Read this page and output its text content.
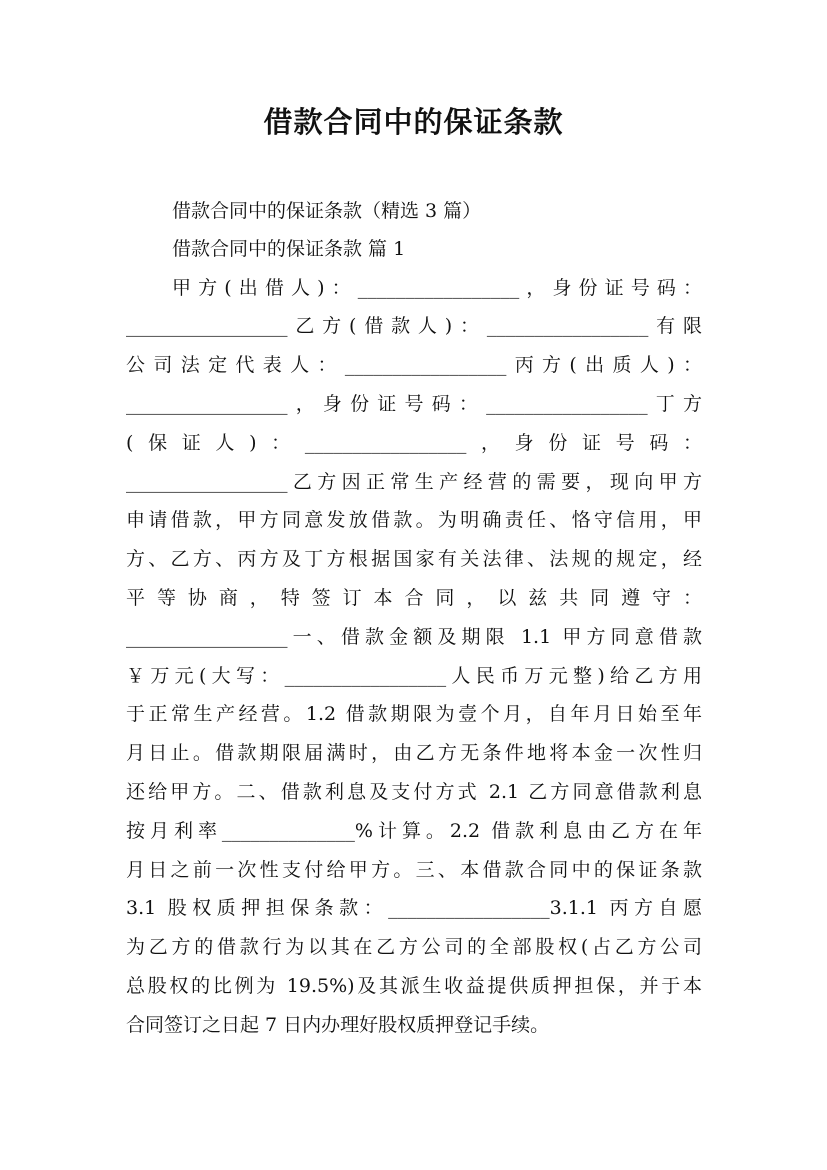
借款合同中的保证条款
借款合同中的保证条款（精选 3 篇）
借款合同中的保证条款 篇 1
甲方(出借人)：_________________，身份证号码：
_________________乙方(借款人)：_________________有限
公司法定代表人：_________________丙方(出质人)：
_________________，身份证号码：_________________丁方
(保证人)：_________________，身份证号码：
_________________乙方因正常生产经营的需要，现向甲方
申请借款，甲方同意发放借款。为明确责任、恪守信用，甲
方、乙方、丙方及丁方根据国家有关法律、法规的规定，经
平等协商，特签订本合同，以兹共同遵守：
_________________一、借款金额及期限 1.1 甲方同意借款
￥万元(大写：_________________人民币万元整)给乙方用
于正常生产经营。1.2 借款期限为壹个月，自年月日始至年
月日止。借款期限届满时，由乙方无条件地将本金一次性归
还给甲方。二、借款利息及支付方式 2.1 乙方同意借款利息
按月利率______________%计算。2.2 借款利息由乙方在年
月日之前一次性支付给甲方。三、本借款合同中的保证条款
3.1 股权质押担保条款：_________________3.1.1 丙方自愿
为乙方的借款行为以其在乙方公司的全部股权(占乙方公司
总股权的比例为 19.5%)及其派生收益提供质押担保，并于本
合同签订之日起 7 日内办理好股权质押登记手续。
